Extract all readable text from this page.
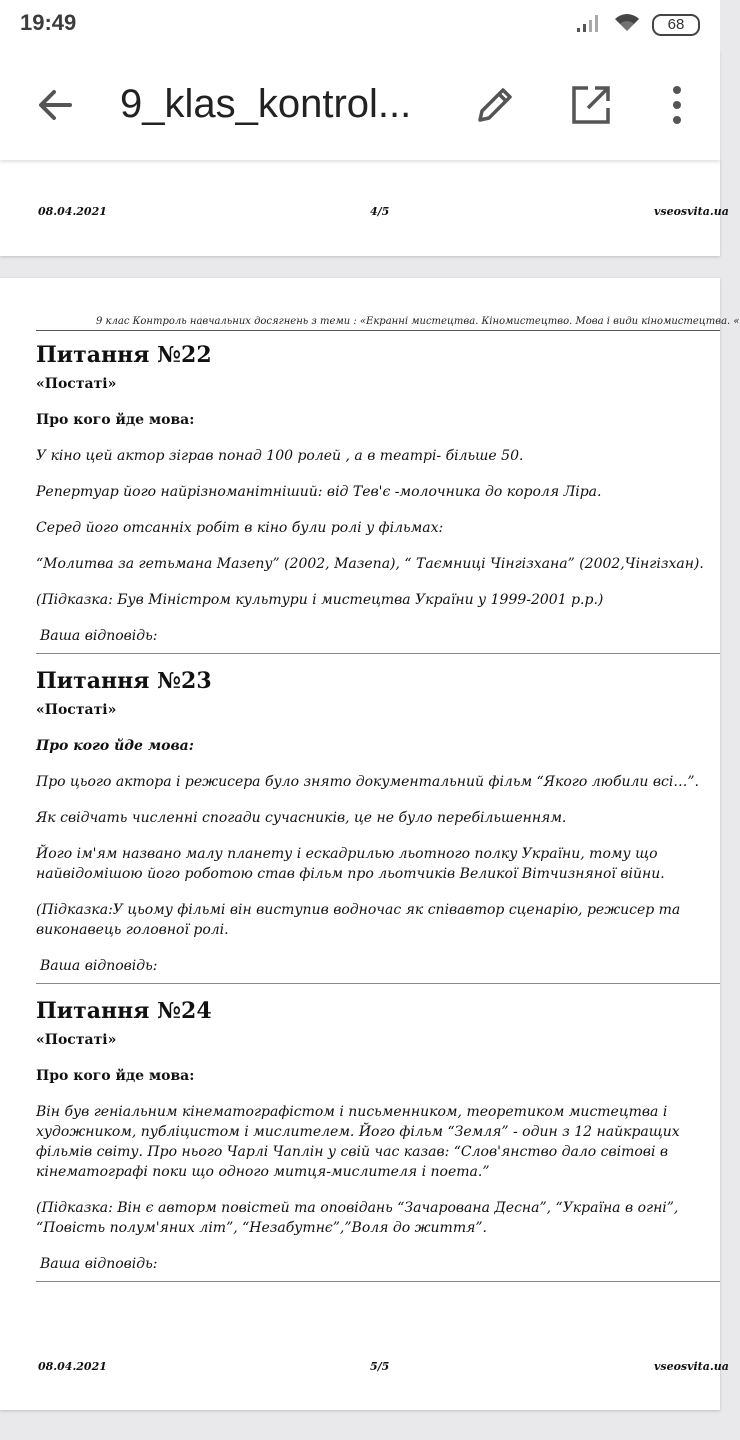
19:49	68
9_klas_kontrol...
08.04.2021	4/5	vseosvita.ua
9 клас Контроль навчальних досягнень з теми : «Екранні мистецтва. Кіномистецтво. Мова і види кіномистецтва. «
Питання №22
«Постаті»
Про кого йде мова:
У кіно цей актор зіграв понад 100 ролей , а в театрі- більше 50.
Репертуар його найрізноманітніший: від Тев'є -молочника до короля Ліра.
Серед його отсанніх робіт в кіно були ролі у фільмах:
“Молитва за гетьмана Мазепу” (2002, Мазепа), “ Таємниці Чінгізхана” (2002,Чінгізхан).
(Підказка: Був Міністром культури і мистецтва України у 1999-2001 р.р.)
Ваша відповідь:
Питання №23
«Постаті»
Про кого йде мова:
Про цього актора і режисера було знято документальний фільм “Якого любили всі…”.
Як свідчать численні спогади сучасників, це не було перебільшенням.
Його ім'ям названо малу планету і ескадрилью льотного полку України, тому що найвідомішою його роботою став фільм про льотчиків Великої Вітчизняної війни.
(Підказка:У цьому фільмі він виступив водночас як співавтор сценарію, режисер та виконавець головної ролі.
Ваша відповідь:
Питання №24
«Постаті»
Про кого йде мова:
Він був геніальним кінематографістом і письменником, теоретиком мистецтва і художником, публіцистом і мислителем. Його фільм “Земля” - один з 12 найкращих фільмів світу. Про нього Чарлі Чаплін у свій час казав: “Слов'янство дало світові в кінематографі поки що одного митця-мислителя і поета.”
(Підказка: Він є авторм повістей та оповідань “Зачарована Десна”, “Україна в огні”, “Повість полум'яних літ”, “Незабутнє”,”Воля до життя”.
Ваша відповідь:
08.04.2021	5/5	vseosvita.ua
